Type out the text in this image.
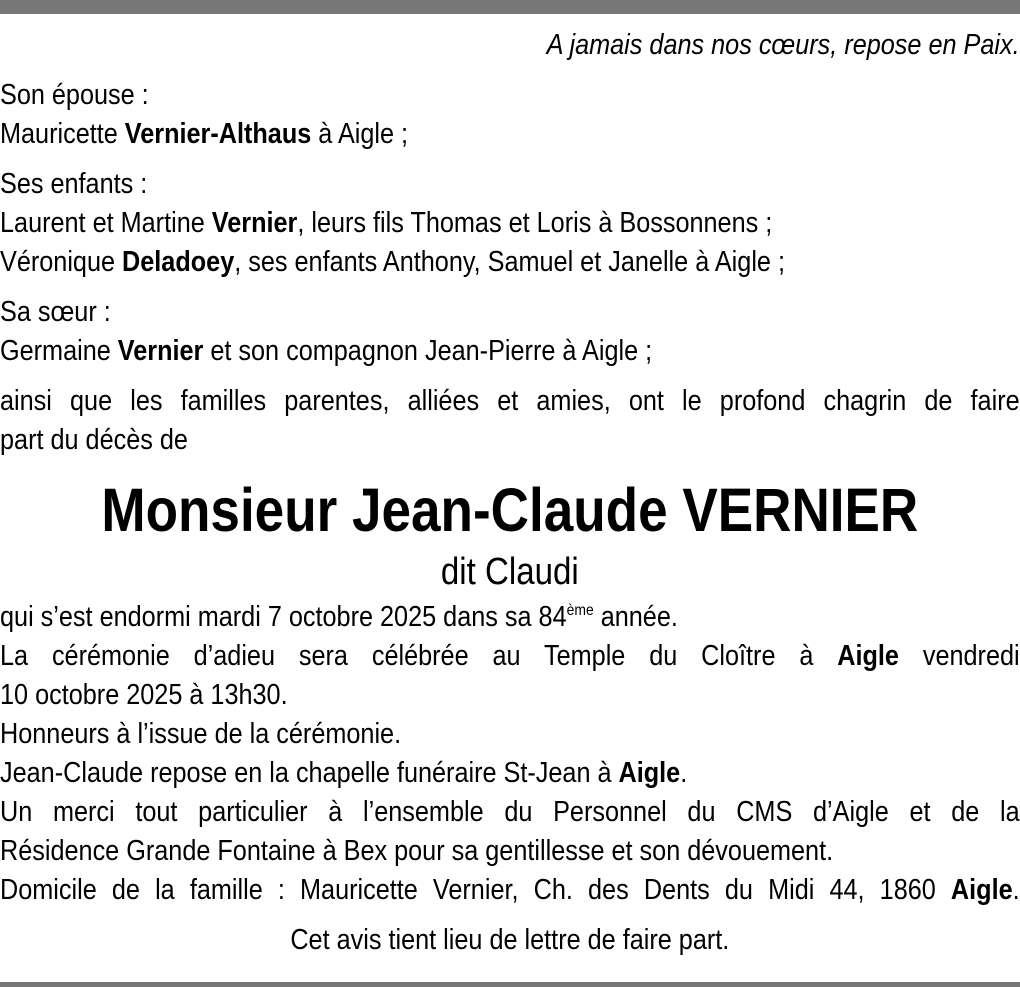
A jamais dans nos cœurs, repose en Paix.
Son épouse :
Mauricette Vernier-Althaus à Aigle ;
Ses enfants :
Laurent et Martine Vernier, leurs fils Thomas et Loris à Bossonnens ;
Véronique Deladoey, ses enfants Anthony, Samuel et Janelle à Aigle ;
Sa sœur :
Germaine Vernier et son compagnon Jean-Pierre à Aigle ;
ainsi que les familles parentes, alliées et amies, ont le profond chagrin de faire
part du décès de
Monsieur Jean-Claude VERNIER
dit Claudi
qui s’est endormi mardi 7 octobre 2025 dans sa 84ème année.
La cérémonie d’adieu sera célébrée au Temple du Cloître à Aigle vendredi
10 octobre 2025 à 13h30.
Honneurs à l’issue de la cérémonie.
Jean-Claude repose en la chapelle funéraire St-Jean à Aigle.
Un merci tout particulier à l’ensemble du Personnel du CMS d’Aigle et de la
Résidence Grande Fontaine à Bex pour sa gentillesse et son dévouement.
Domicile de la famille : Mauricette Vernier, Ch. des Dents du Midi 44, 1860 Aigle.
Cet avis tient lieu de lettre de faire part.
